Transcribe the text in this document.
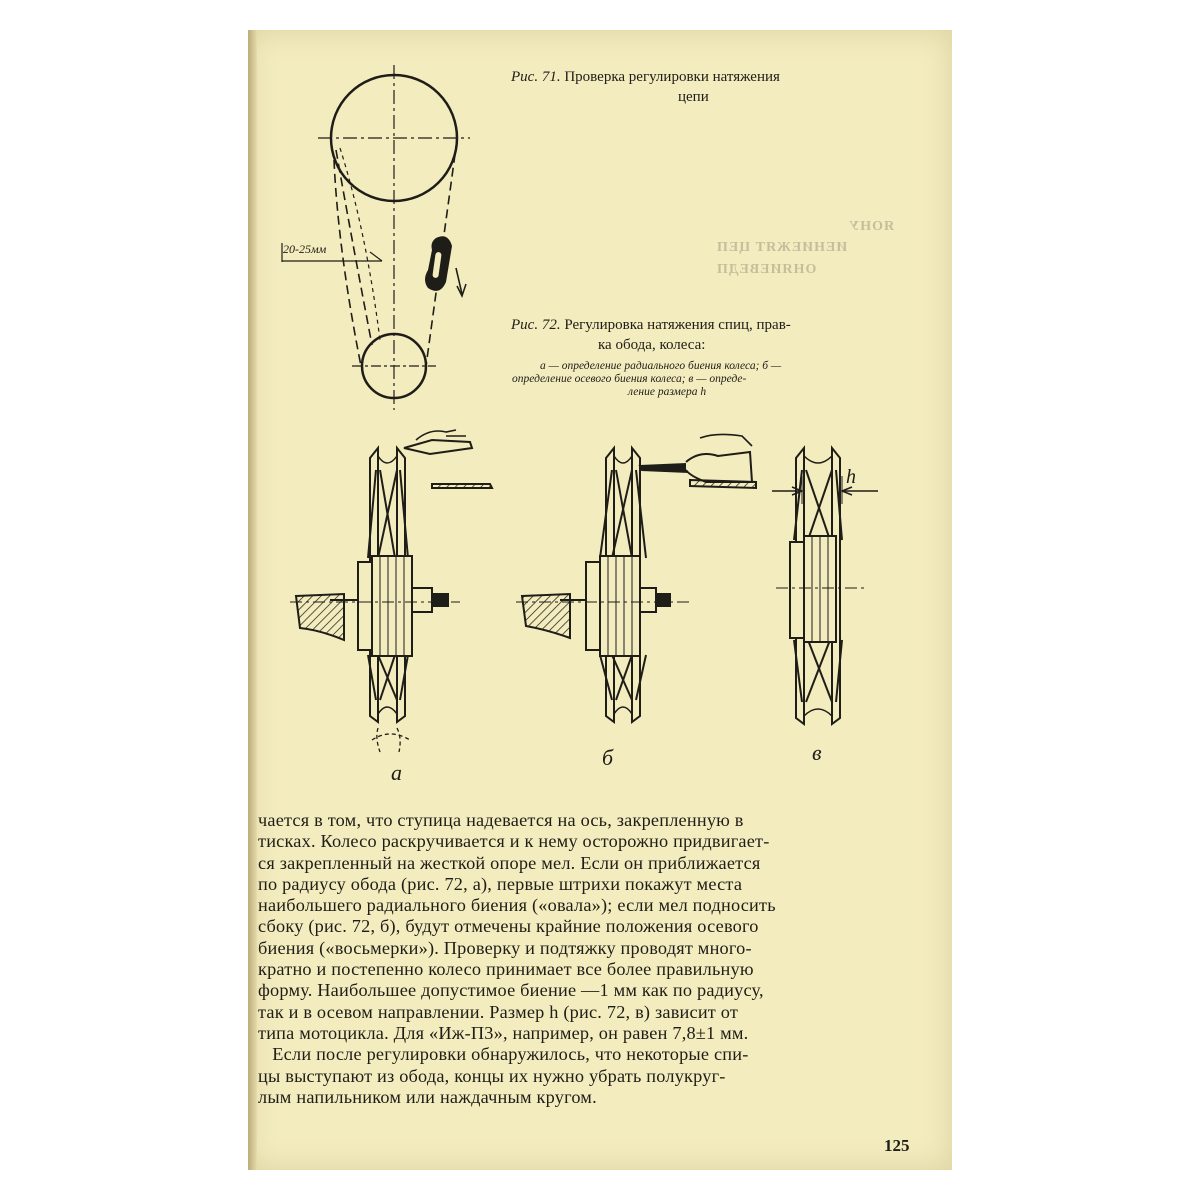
20-25мм

Рис. 71. Проверка регулировки натяжения

цепи

ЯОНУ

ИЕНИЕЖЯТ ЦЕП

ОНЯИЕВЕДП

Рис. 72. Регулировка натяжения спиц, прав-

ка обода, колеса:

а — определение радиального биения колеса; б —

определение осевого биения колеса; в — опреде-

ление размера h

а

б	в

h

чается в том, что ступица надевается на ось, закрепленную в

тисках. Колесо раскручивается и к нему осторожно придвигает-

ся закрепленный на жесткой опоре мел. Если он приближается

по радиусу обода (рис. 72, а), первые штрихи покажут места

наибольшего радиального биения («овала»); если мел подносить

сбоку (рис. 72, б), будут отмечены крайние положения осевого

биения («восьмерки»). Проверку и подтяжку проводят много-

кратно и постепенно колесо принимает все более правильную

форму. Наибольшее допустимое биение —1 мм как по радиусу,

так и в осевом направлении. Размер h (рис. 72, в) зависит от

типа мотоцикла. Для «Иж-П3», например, он равен 7,8±1 мм.

Если после регулировки обнаружилось, что некоторые спи-

цы выступают из обода, концы их нужно убрать полукруг-

лым напильником или наждачным кругом.

125
